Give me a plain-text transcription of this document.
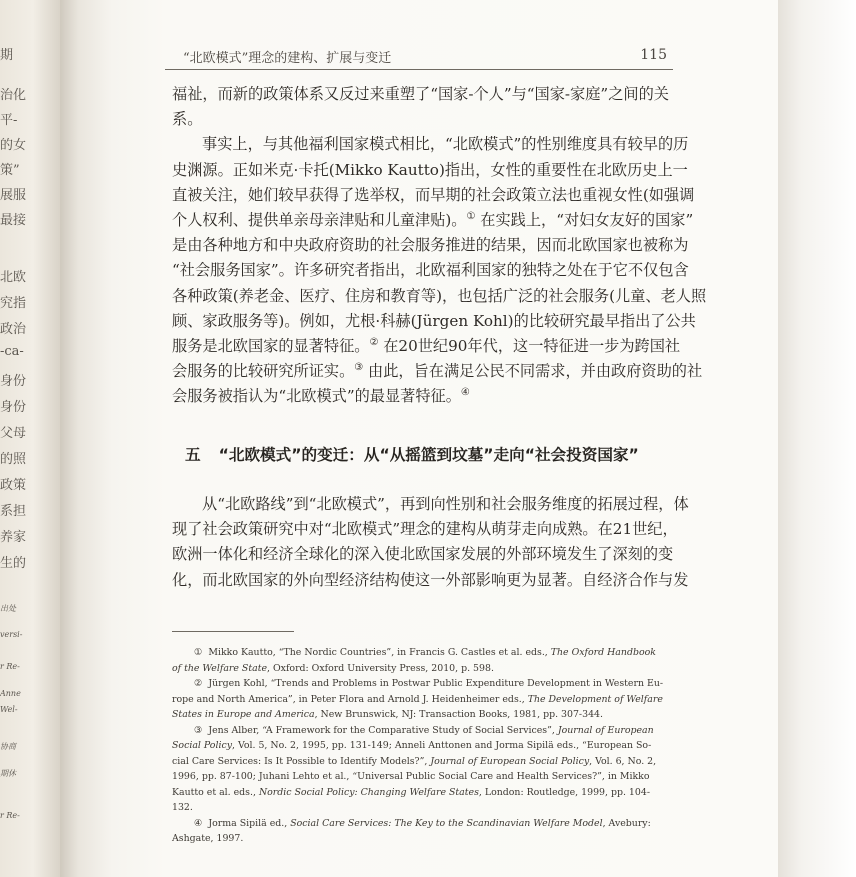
期
治化
平-
的女
策”
展服
最接
北欧
究指
政治
-ca-
身份
身份
父母
的照
政策
系担
养家
生的
出处
versi-
r Re-
Anne
Wel-
协商
期休
r Re-
“北欧模式”理念的建构、扩展与变迁	115
福祉，而新的政策体系又反过来重塑了“国家-个人”与“国家-家庭”之间的关
系。
事实上，与其他福利国家模式相比，“北欧模式”的性别维度具有较早的历
史渊源。正如米克·卡托(Mikko Kautto)指出，女性的重要性在北欧历史上一
直被关注，她们较早获得了选举权，而早期的社会政策立法也重视女性(如强调
个人权利、提供单亲母亲津贴和儿童津贴)。① 在实践上，“对妇女友好的国家”
是由各种地方和中央政府资助的社会服务推进的结果，因而北欧国家也被称为
“社会服务国家”。许多研究者指出，北欧福利国家的独特之处在于它不仅包含
各种政策(养老金、医疗、住房和教育等)，也包括广泛的社会服务(儿童、老人照
顾、家政服务等)。例如，尤根·科赫(Jürgen Kohl)的比较研究最早指出了公共
服务是北欧国家的显著特征。② 在20世纪90年代，这一特征进一步为跨国社
会服务的比较研究所证实。③ 由此，旨在满足公民不同需求，并由政府资助的社
会服务被指认为“北欧模式”的最显著特征。④
五 “北欧模式”的变迁：从“从摇篮到坟墓”走向“社会投资国家”
从“北欧路线”到“北欧模式”，再到向性别和社会服务维度的拓展过程，体
现了社会政策研究中对“北欧模式”理念的建构从萌芽走向成熟。在21世纪，
欧洲一体化和经济全球化的深入使北欧国家发展的外部环境发生了深刻的变
化，而北欧国家的外向型经济结构使这一外部影响更为显著。自经济合作与发
① Mikko Kautto, “The Nordic Countries”, in Francis G. Castles et al. eds., The Oxford Handbook
of the Welfare State, Oxford: Oxford University Press, 2010, p. 598.
② Jürgen Kohl, “Trends and Problems in Postwar Public Expenditure Development in Western Eu-
rope and North America”, in Peter Flora and Arnold J. Heidenheimer eds., The Development of Welfare
States in Europe and America, New Brunswick, NJ: Transaction Books, 1981, pp. 307-344.
③ Jens Alber, “A Framework for the Comparative Study of Social Services”, Journal of European
Social Policy, Vol. 5, No. 2, 1995, pp. 131-149; Anneli Anttonen and Jorma Sipilä eds., “European So-
cial Care Services: Is It Possible to Identify Models?”, Journal of European Social Policy, Vol. 6, No. 2,
1996, pp. 87-100; Juhani Lehto et al., “Universal Public Social Care and Health Services?”, in Mikko
Kautto et al. eds., Nordic Social Policy: Changing Welfare States, London: Routledge, 1999, pp. 104-
132.
④ Jorma Sipilä ed., Social Care Services: The Key to the Scandinavian Welfare Model, Avebury:
Ashgate, 1997.
